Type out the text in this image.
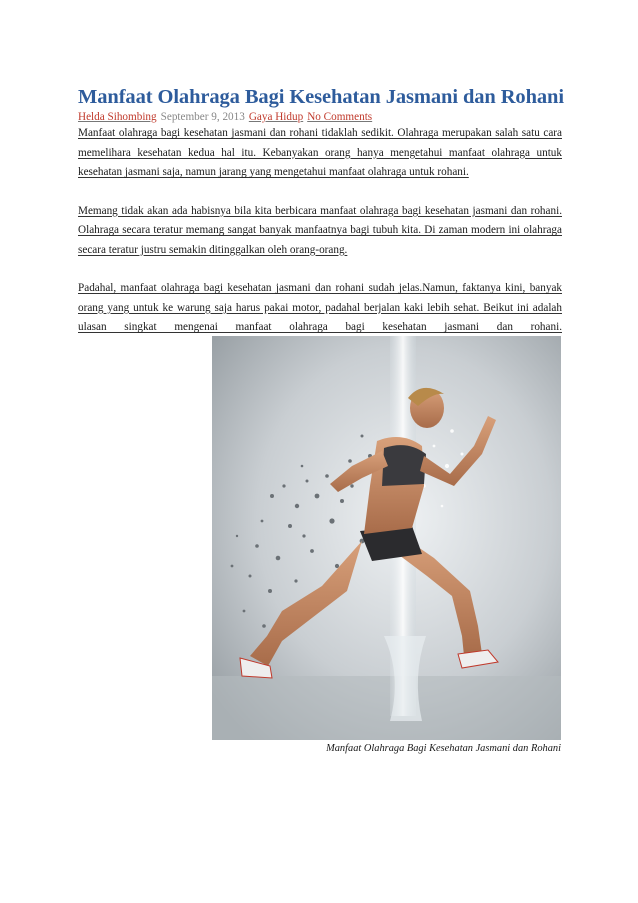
Manfaat Olahraga Bagi Kesehatan Jasmani dan Rohani
Helda Sihombing September 9, 2013 Gaya Hidup No Comments

Manfaat olahraga bagi kesehatan jasmani dan rohani tidaklah sedikit. Olahraga merupakan salah satu cara memelihara kesehatan kedua hal itu. Kebanyakan orang hanya mengetahui manfaat olahraga untuk kesehatan jasmani saja, namun jarang yang mengetahui manfaat olahraga untuk rohani.

Memang tidak akan ada habisnya bila kita berbicara manfaat olahraga bagi kesehatan jasmani dan rohani. Olahraga secara teratur memang sangat banyak manfaatnya bagi tubuh kita. Di zaman modern ini olahraga secara teratur justru semakin ditinggalkan oleh orang-orang.

Padahal, manfaat olahraga bagi kesehatan jasmani dan rohani sudah jelas.Namun, faktanya kini, banyak orang yang untuk ke warung saja harus pakai motor, padahal berjalan kaki lebih sehat. Beikut ini adalah ulasan singkat mengenai manfaat olahraga bagi kesehatan jasmani dan rohani.

Manfaat Olahraga Bagi Kesehatan Jasmani dan Rohani
